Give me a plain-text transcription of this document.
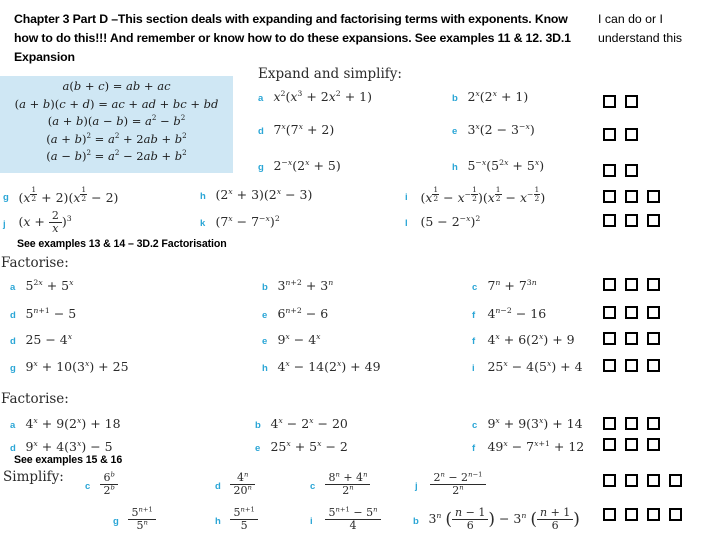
Chapter 3 Part D –This section deals with expanding and factorising terms with exponents. Know how to do this!!! And remember or know how to do these expansions. See examples 11 & 12. 3D.1 Expansion
I can do or I understand this
a(b + c) = ab + ac
(a + b)(c + d) = ac + ad + bc + bd
$(a + b)(a - b) = a^2 - b^2$
$(a + b)^2 = a^2 + 2ab + b^2$
$(a - b)^2 = a^2 - 2ab + b^2$
Expand and simplify:
a $x^2(x^3 + 2x^2 + 1)$	b $2^x(2^x + 1)$
d $7^x(7^x + 2)$	e $3^x(2 - 3^{-x})$
g $2^{-x}(2^x + 5)$	h $5^{-x}(5^{2x} + 5^x)$
g (x $^{\frac{1}{2}}$ + 2)(x $^{\frac{1}{2}}$ − 2)	h $(2^x + 3)(2^x - 3)$	i (x $^{\frac{1}{2}} - x^{- \frac{1}{2}}$ )(x $^{\frac{1}{2}} - x^{- \frac{1}{2}}$ )
j $(x + \frac{2}{x} )^3$	k $(7^x - 7^{-x})^2$	l $(5 - 2^{-x})^2$
See examples 13 & 14 – 3D.2 Factorisation
Factorise:
a $5^{2x} + 5^x$	b $3^{n+2} + 3^n$	c $7^n + 7^{3n}$
d $5^{n+1} - 5$	e $6^{n+2} - 6$	f $4^{n-2} - 16$
d $25 - 4^x$	e $9^x - 4^x$	f $4^x + 6(2^x) + 9$
g $9^x + 10(3^x) + 25$	h $4^x - 14(2^x) + 49$	i $25^x - 4(5^x) + 4$
Factorise:
a $4^x + 9(2^x) + 18$	b $4^x - 2^x - 20$	c $9^x + 9(3^x) + 14$
d $9^x + 4(3^x) - 5$	e $25^x + 5^x - 2$	f $49^x - 7^{x+1} + 12$
See examples 15 & 16
Simplify:
c $\frac{6^b}{2^b}$	d $\frac{4^n}{20^n}$	c $\frac{8^n + 4^n}{2^n}$	j $\frac{2^n - 2^{n-1}}{2^n}$
g $\frac{5^{n+1}}{5^n}$	h $\frac{5^{n+1}}{5}$	i $\frac{5^{n+1} - 5^n}{4}$	b 3$^n$ ( $\frac{n - 1}{6}$ ) − $3^n$ ( $\frac{n + 1}{6}$ )
